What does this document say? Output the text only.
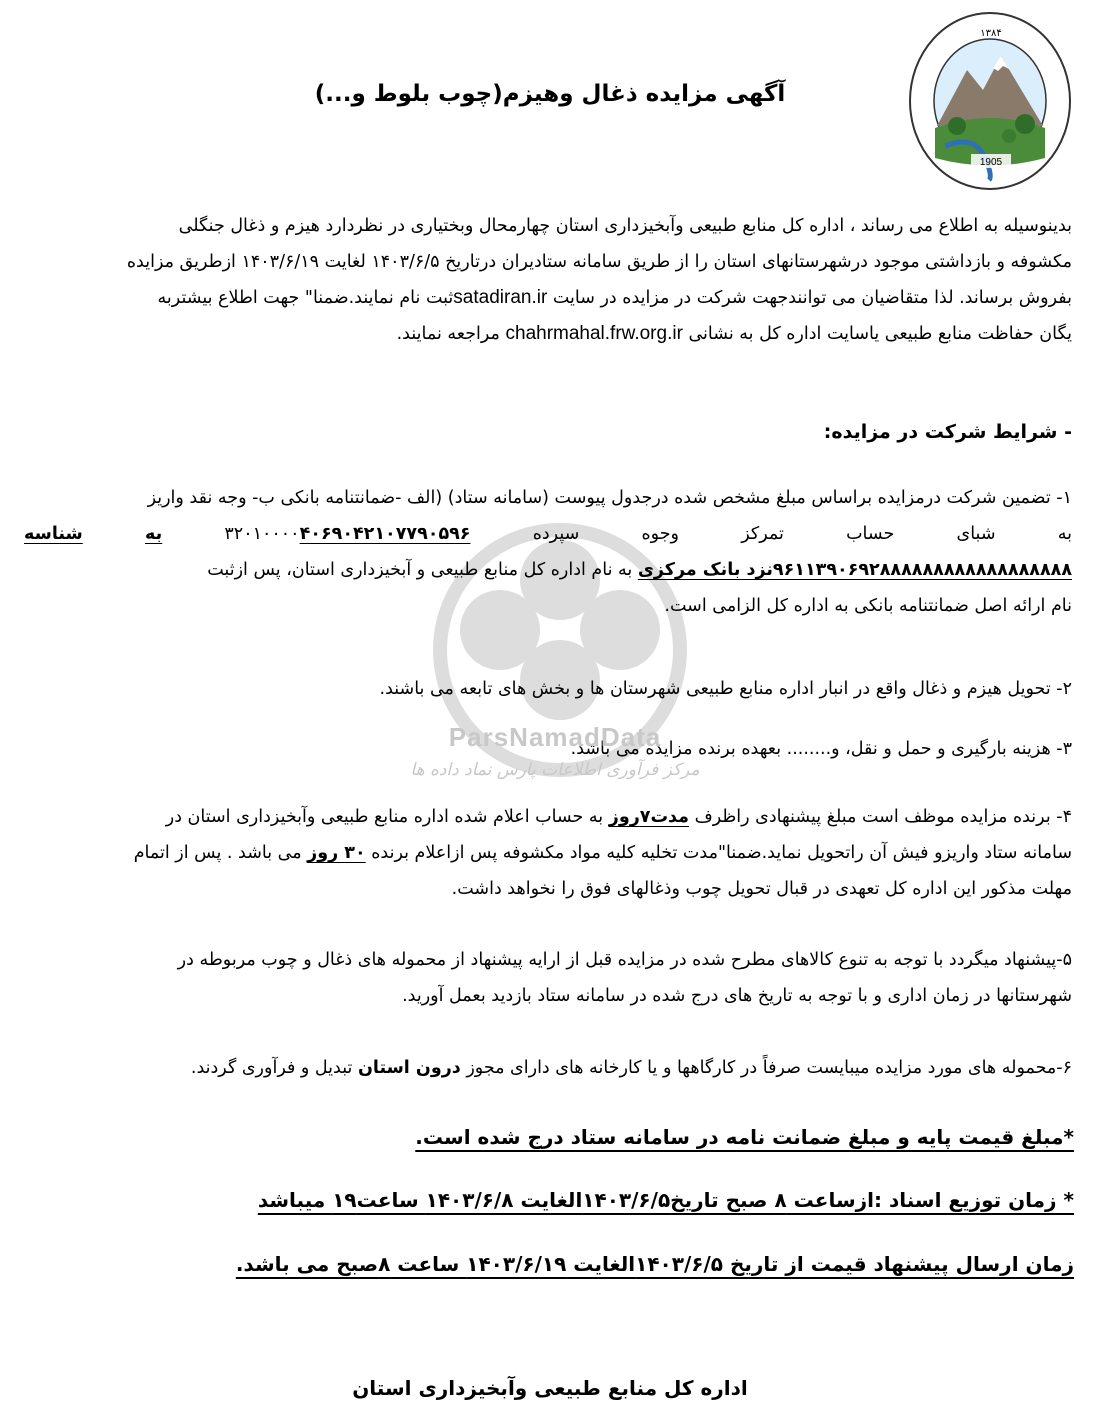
1905
۱۳۸۴
آگهی مزایده ذغال وهیزم(چوب بلوط و...)
بدینوسیله به اطلاع می رساند ، اداره کل منابع طبیعی وآبخیزداری استان چهارمحال وبختیاری در نظردارد هیزم و ذغال جنگلی
مکشوفه و بازداشتی موجود درشهرستانهای استان را از طریق سامانه ستادیران درتاریخ ۱۴۰۳/۶/۵ لغایت ۱۴۰۳/۶/۱۹ ازطریق مزایده
بفروش برساند. لذا متقاضیان می توانندجهت شرکت در مزایده در سایت satadiran.irثبت نام نمایند.ضمنا" جهت اطلاع بیشتربه
یگان حفاظت منابع طبیعی یاسایت اداره کل به نشانی chahrmahal.frw.org.ir مراجعه نمایند.
- شرایط شرکت در مزایده:
۱- تضمین شرکت درمزایده براساس مبلغ مشخص شده درجدول پیوست (سامانه ستاد) (الف -ضمانتنامه بانکی ب- وجه نقد واریز
به
شبای
حساب
تمرکز
وجوه
سپرده
۳۲۰۱۰۰۰۰۴۰۶۹۰۴۲۱۰۷۷۹۰۵۹۶
به
شناسه
۹۶۱۱۳۹۰۶۹۲۸۸۸۸۸۸۸۸۸۸۸۸۸۸۸۸۸۸نزد بانک مرکزی به نام اداره کل منابع طبیعی و آبخیزداری استان، پس ازثبت
نام ارائه اصل ضمانتنامه بانکی به اداره کل الزامی است.
۲- تحویل هیزم و ذغال واقع در انبار اداره منابع طبیعی شهرستان ها و بخش های تابعه می باشند.
۳- هزینه بارگیری و حمل و نقل، و........ بعهده برنده مزایده می باشد.
۴- برنده مزایده موظف است مبلغ پیشنهادی راظرف مدت۷روز به حساب اعلام شده اداره منابع طبیعی وآبخیزداری استان در
سامانه ستاد واریزو فیش آن راتحویل نماید.ضمنا"مدت تخلیه کلیه مواد مکشوفه پس ازاعلام برنده ۳۰ روز می باشد . پس از اتمام
مهلت مذکور این اداره کل تعهدی در قبال تحویل چوب وذغالهای فوق را نخواهد داشت.
۵-پیشنهاد میگردد با توجه به تنوع کالاهای مطرح شده در مزایده قبل از ارایه پیشنهاد از محموله های ذغال و چوب مربوطه در
شهرستانها در زمان اداری و با توجه به تاریخ های درج شده در سامانه ستاد بازدید بعمل آورید.
۶-محموله های مورد مزایده میبایست صرفاً در کارگاهها و یا کارخانه های دارای مجوز درون استان تبدیل و فرآوری گردند.

*مبلغ قیمت پایه و مبلغ ضمانت نامه در سامانه ستاد درج شده است.

* زمان توزیع اسناد :ازساعت ۸ صبح تاریخ۱۴۰۳/۶/۵الغایت ۱۴۰۳/۶/۸ ساعت۱۹ میباشد

زمان ارسال پیشنهاد قیمت از تاریخ ۱۴۰۳/۶/۵الغایت ۱۴۰۳/۶/۱۹ ساعت ۸صبح می باشد.

اداره کل منابع طبیعی وآبخیزداری استان

ParsNamadData
مرکز فرآوری اطلاعات پارس نماد داده ها
